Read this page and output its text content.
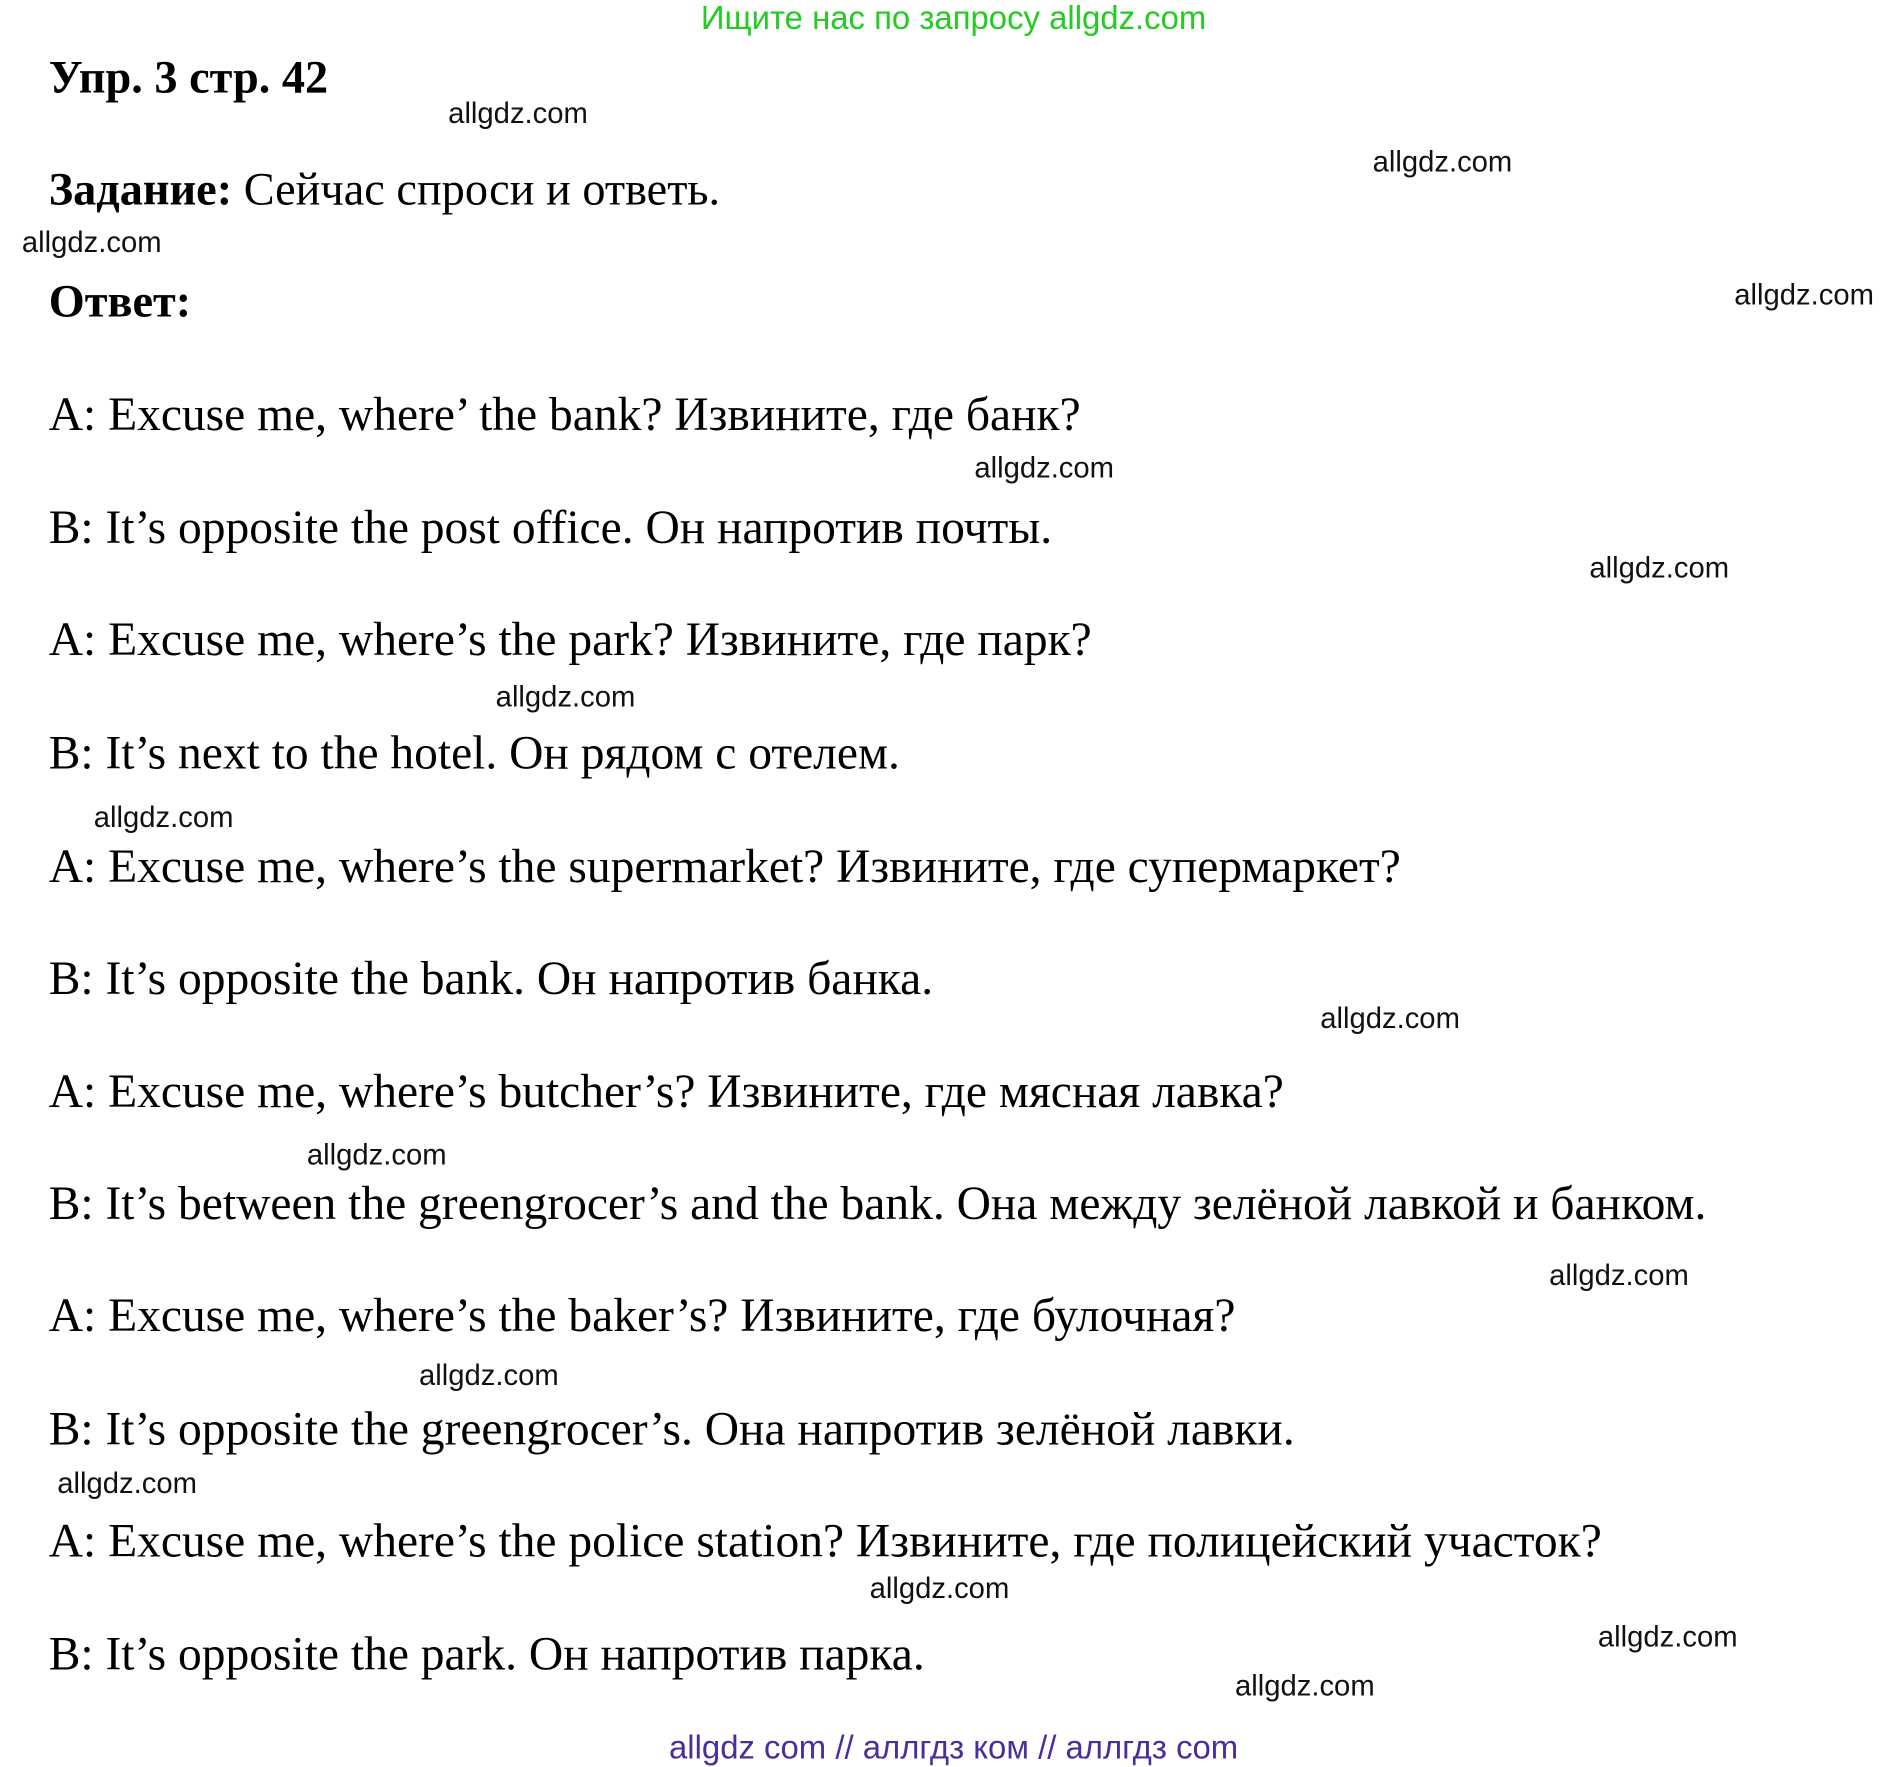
Ищите нас по запросу allgdz.com
Упр. 3 стр. 42
Задание: Сейчас спроси и ответь.
Ответ:
A: Excuse me, where’ the bank? Извините, где банк?
B: It’s opposite the post office. Он напротив почты.
A: Excuse me, where’s the park? Извините, где парк?
B: It’s next to the hotel. Он рядом с отелем.
A: Excuse me, where’s the supermarket? Извините, где супермаркет?
B: It’s opposite the bank. Он напротив банка.
A: Excuse me, where’s butcher’s? Извините, где мясная лавка?
B: It’s between the greengrocer’s and the bank. Она между зелёной лавкой и банком.
A: Excuse me, where’s the baker’s? Извините, где булочная?
B: It’s opposite the greengrocer’s. Она напротив зелёной лавки.
A: Excuse me, where’s the police station? Извините, где полицейский участок?
B: It’s opposite the park. Он напротив парка.
allgdz.com
allgdz.com
allgdz.com
allgdz.com
allgdz.com
allgdz.com
allgdz.com
allgdz.com
allgdz.com
allgdz.com
allgdz.com
allgdz.com
allgdz.com
allgdz.com
allgdz.com
allgdz.com
allgdz com // аллгдз ком // аллгдз com
